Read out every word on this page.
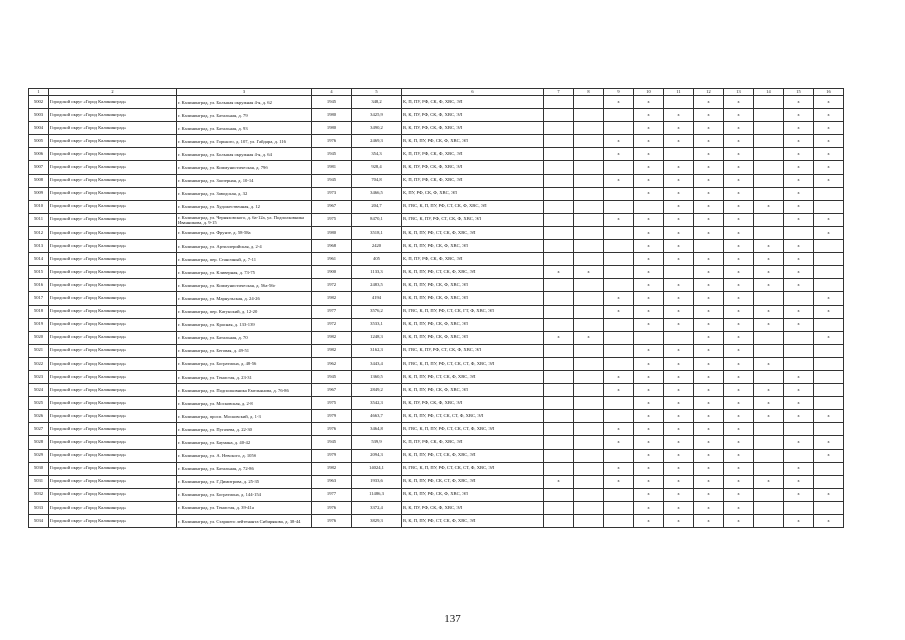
1	2	3	4	5	6	7	8	9	10	11	12	13	14	15	16
5002	Городской округ «Город Калининград»	г. Калининград, ул. Большая окружная 4-я, д. 62	1945	348,2	К, П, ПУ, РФ, СК, Ф, ХВС, ЭЛ			x	x		x	x		x	x
5003	Городской округ «Город Калининград»	г. Калининград, ул. Батальная, д. 79	1980	3425,9	В, К, ПУ, РФ, СК, Ф, ХВС, ЭЛ				x	x	x	x		x	x
5004	Городской округ «Город Калининград»	г. Калининград, ул. Батальная, д. 93	1980	3490,2	В, К, ПУ, РФ, СК, Ф, ХВС, ЭЛ				x	x	x	x		x	x
5005	Городской округ «Город Калининград»	г. Калининград, ул. Горького, д. 107, ул. Гайдара, д. 116	1976	2469,3	В, К, П, ПУ, РФ, СК, Ф, ХВС, ЭЛ			x	x	x	x	x		x	x
5006	Городской округ «Город Калининград»	г. Калининград, ул. Большая окружная 4-я, д. 64	1945	354,3	К, П, ПУ, РФ, СК, Ф, ХВС, ЭЛ			x	x		x	x		x	x
5007	Городской округ «Город Калининград»	г. Калининград, ул. Коммунистическая, д. 79б	1981	928,4	В, К, ПУ, РФ, СК, Ф, ХВС, ЭЛ				x	x	x	x		x	x
5008	Городской округ «Город Калининград»	г. Калининград, ул. Заозерная, д. 10-14	1945	704,8	К, П, ПУ, РФ, СК, Ф, ХВС, ЭЛ			x	x	x	x	x		x	x
5009	Городской округ «Город Калининград»	г. Калининград, ул. Заводская, д. 32	1973	3466,5	К, ПУ, РФ, СК, Ф, ХВС, ЭЛ				x	x	x	x		x	
5010	Городской округ «Город Калининград»	г. Калининград, ул. Художественная, д. 12	1967	204,7	В, ГВС, К, П, ПУ, РФ, СТ, СК, Ф, ХВС, ЭЛ					x	x	x	x	x	
5011	Городской округ «Город Калининград»	г. Калининград, ул. Черняховского, д. 6а-12а, ул. Подполковника Иванникова, д. 9-15	1975	8470,1	В, ГВС, К, ПУ, РФ, СТ, СК, Ф, ХВС, ЭЛ			x	x	x	x	x		x	x
5012	Городской округ «Город Калининград»	г. Калининград, ул. Фрунзе, д. 58-58а	1980	3518,1	В, К, П, ПУ, РФ, СТ, СК, Ф, ХВС, ЭЛ				x	x	x	x			x
5013	Городской округ «Город Калининград»	г. Калининград, ул. Артиллерийская, д. 2-4	1968	2420	В, К, П, ПУ, РФ, СК, Ф, ХВС, ЭЛ				x	x		x	x	x	
5014	Городской округ «Город Калининград»	г. Калининград, пер. Станочный, д. 7-11	1961	405	К, П, ПУ, РФ, СК, Ф, ХВС, ЭЛ				x	x	x	x	x	x	
5015	Городской округ «Город Калининград»	г. Калининград, ул. Кливерная, д. 73-75	1900	1133,3	В, К, П, ПУ, РФ, СТ, СК, Ф, ХВС, ЭЛ	x	x		x		x	x	x	x	
5016	Городской округ «Город Калининград»	г. Калининград, ул. Коммунистическая, д. 56а-56г	1972	2483,5	В, К, П, ПУ, РФ, СК, Ф, ХВС, ЭЛ				x	x	x	x	x	x	
5017	Городской округ «Город Калининград»	г. Калининград, ул. Марнульская, д. 24-26	1982	4194	В, К, П, ПУ, РФ, СК, Ф, ХВС, ЭЛ			x	x	x	x	x			x
5018	Городской округ «Город Калининград»	г. Калининград, пер. Катунский, д. 12-20	1977	3576,2	В, ГВС, К, П, ПУ, РФ, СТ, СК, ГТ, Ф, ХВС, ЭЛ			x	x	x	x	x	x	x	x
5019	Городской округ «Город Калининград»	г. Калининград, ул. Красная, д. 133-139	1972	3533,1	В, К, П, ПУ, РФ, СК, Ф, ХВС, ЭЛ				x	x	x	x	x	x	
5020	Городской округ «Город Калининград»	г. Калининград, ул. Батальная, д. 70	1982	1248,3	В, К, П, ПУ, РФ, СК, Ф, ХВС, ЭЛ	x	x				x	x			x
5021	Городской округ «Город Калининград»	г. Калининград, ул. Беговая, д. 49-51	1982	3162,3	В, ГВС, К, ПУ, РФ, СТ, СК, Ф, ХВС, ЭЛ				x	x	x	x			
5022	Городской округ «Город Калининград»	г. Калининград, ул. Богратиона, д. 48-56	1962	3443,4	В, ГВС, К, П, ПУ, РФ, СТ, СК, СТ, Ф, ХВС, ЭЛ				x	x	x	x	x		
5023	Городской округ «Город Калининград»	г. Калининград, ул. Тенистая, д. 23-31	1945	1360,5	В, К, П, ПУ, РФ, СТ, СК, Ф, ХВС, ЭЛ			x	x	x	x	x		x	
5024	Городской округ «Город Калининград»	г. Калининград, ул. Подполковника Емельянова, д. 76-86	1967	2849,2	В, К, П, ПУ, РФ, СК, Ф, ХВС, ЭЛ			x	x	x	x	x	x	x	
5025	Городской округ «Город Калининград»	г. Калининград, ул. Московская, д. 2-8	1975	3542,3	В, К, ПУ, РФ, СК, Ф, ХВС, ЭЛ				x	x	x	x	x	x	
5026	Городской округ «Город Калининград»	г. Калининград, просп. Московский, д. 1-3	1979	4663,7	В, К, П, ПУ, РФ, СТ, СК, СТ, Ф, ХВС, ЭЛ				x	x	x	x	x	x	x
5027	Городской округ «Город Калининград»	г. Калининград, ул. Пугачева, д. 22-30	1976	3464,8	В, ГВС, К, П, ПУ, РФ, СТ, СК, СТ, Ф, ХВС, ЭЛ			x	x	x	x	x			
5028	Городской округ «Город Калининград»	г. Калининград, ул. Баумана, д. 40-42	1945	539,9	К, П, ПУ, РФ, СК, Ф, ХВС, ЭЛ			x	x	x	x	x		x	x
5029	Городской округ «Город Калининград»	г. Калининград, ул. А. Невского, д. 105б	1979	2094,3	В, К, П, ПУ, РФ, СТ, СК, Ф, ХВС, ЭЛ				x	x	x	x			x
5030	Городской округ «Город Калининград»	г. Калининград, ул. Батальная, д. 72-86	1982	14024,1	В, ГВС, К, П, ПУ, РФ, СТ, СК, СТ, Ф, ХВС, ЭЛ			x	x	x	x	x		x	
5031	Городской округ «Город Калининград»	г. Калининград, ул. Г.Димитрова, д. 25-35	1963	1933,6	В, К, П, ПУ, РФ, СК, СТ, Ф, ХВС, ЭЛ	x		x	x	x	x	x	x	x	
5032	Городской округ «Город Калининград»	г. Калининград, ул. Богратиона, д. 144-154	1977	11486,3	В, К, П, ПУ, РФ, СК, Ф, ХВС, ЭЛ				x	x	x	x		x	x
5033	Городской округ «Город Калининград»	г. Калининград, ул. Тенистая, д. 39-41а	1976	3372,4	В, К, ПУ, РФ, СК, Ф, ХВС, ЭЛ				x	x	x	x			
5034	Городской округ «Город Калининград»	г. Калининград, ул. Старшего лейтенанта Сибирякова, д. 38-44	1976	3829,3	В, К, П, ПУ, РФ, СТ, СК, Ф, ХВС, ЭЛ				x	x	x	x		x	x
137
